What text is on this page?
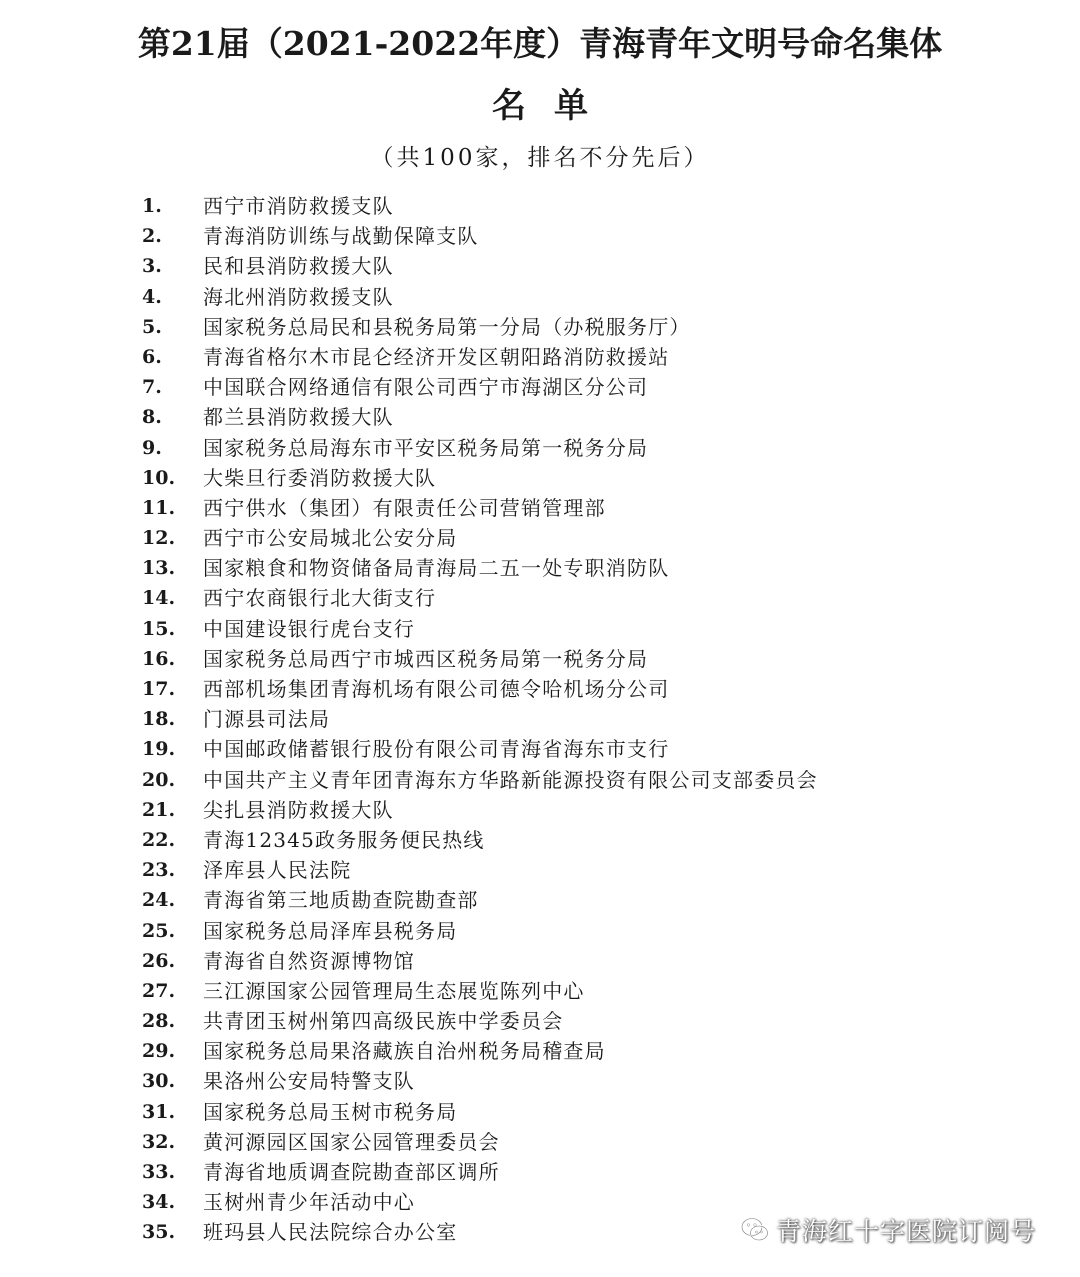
第21届（2021-2022年度）青海青年文明号命名集体
名单
（共100家，排名不分先后）
1.	西宁市消防救援支队
2.	青海消防训练与战勤保障支队
3.	民和县消防救援大队
4.	海北州消防救援支队
5.	国家税务总局民和县税务局第一分局（办税服务厅）
6.	青海省格尔木市昆仑经济开发区朝阳路消防救援站
7.	中国联合网络通信有限公司西宁市海湖区分公司
8.	都兰县消防救援大队
9.	国家税务总局海东市平安区税务局第一税务分局
10.	大柴旦行委消防救援大队
11.	西宁供水（集团）有限责任公司营销管理部
12.	西宁市公安局城北公安分局
13.	国家粮食和物资储备局青海局二五一处专职消防队
14.	西宁农商银行北大街支行
15.	中国建设银行虎台支行
16.	国家税务总局西宁市城西区税务局第一税务分局
17.	西部机场集团青海机场有限公司德令哈机场分公司
18.	门源县司法局
19.	中国邮政储蓄银行股份有限公司青海省海东市支行
20.	中国共产主义青年团青海东方华路新能源投资有限公司支部委员会
21.	尖扎县消防救援大队
22.	青海12345政务服务便民热线
23.	泽库县人民法院
24.	青海省第三地质勘查院勘查部
25.	国家税务总局泽库县税务局
26.	青海省自然资源博物馆
27.	三江源国家公园管理局生态展览陈列中心
28.	共青团玉树州第四高级民族中学委员会
29.	国家税务总局果洛藏族自治州税务局稽查局
30.	果洛州公安局特警支队
31.	国家税务总局玉树市税务局
32.	黄河源园区国家公园管理委员会
33.	青海省地质调查院勘查部区调所
34.	玉树州青少年活动中心
35.	班玛县人民法院综合办公室	青海红十字医院订阅号
